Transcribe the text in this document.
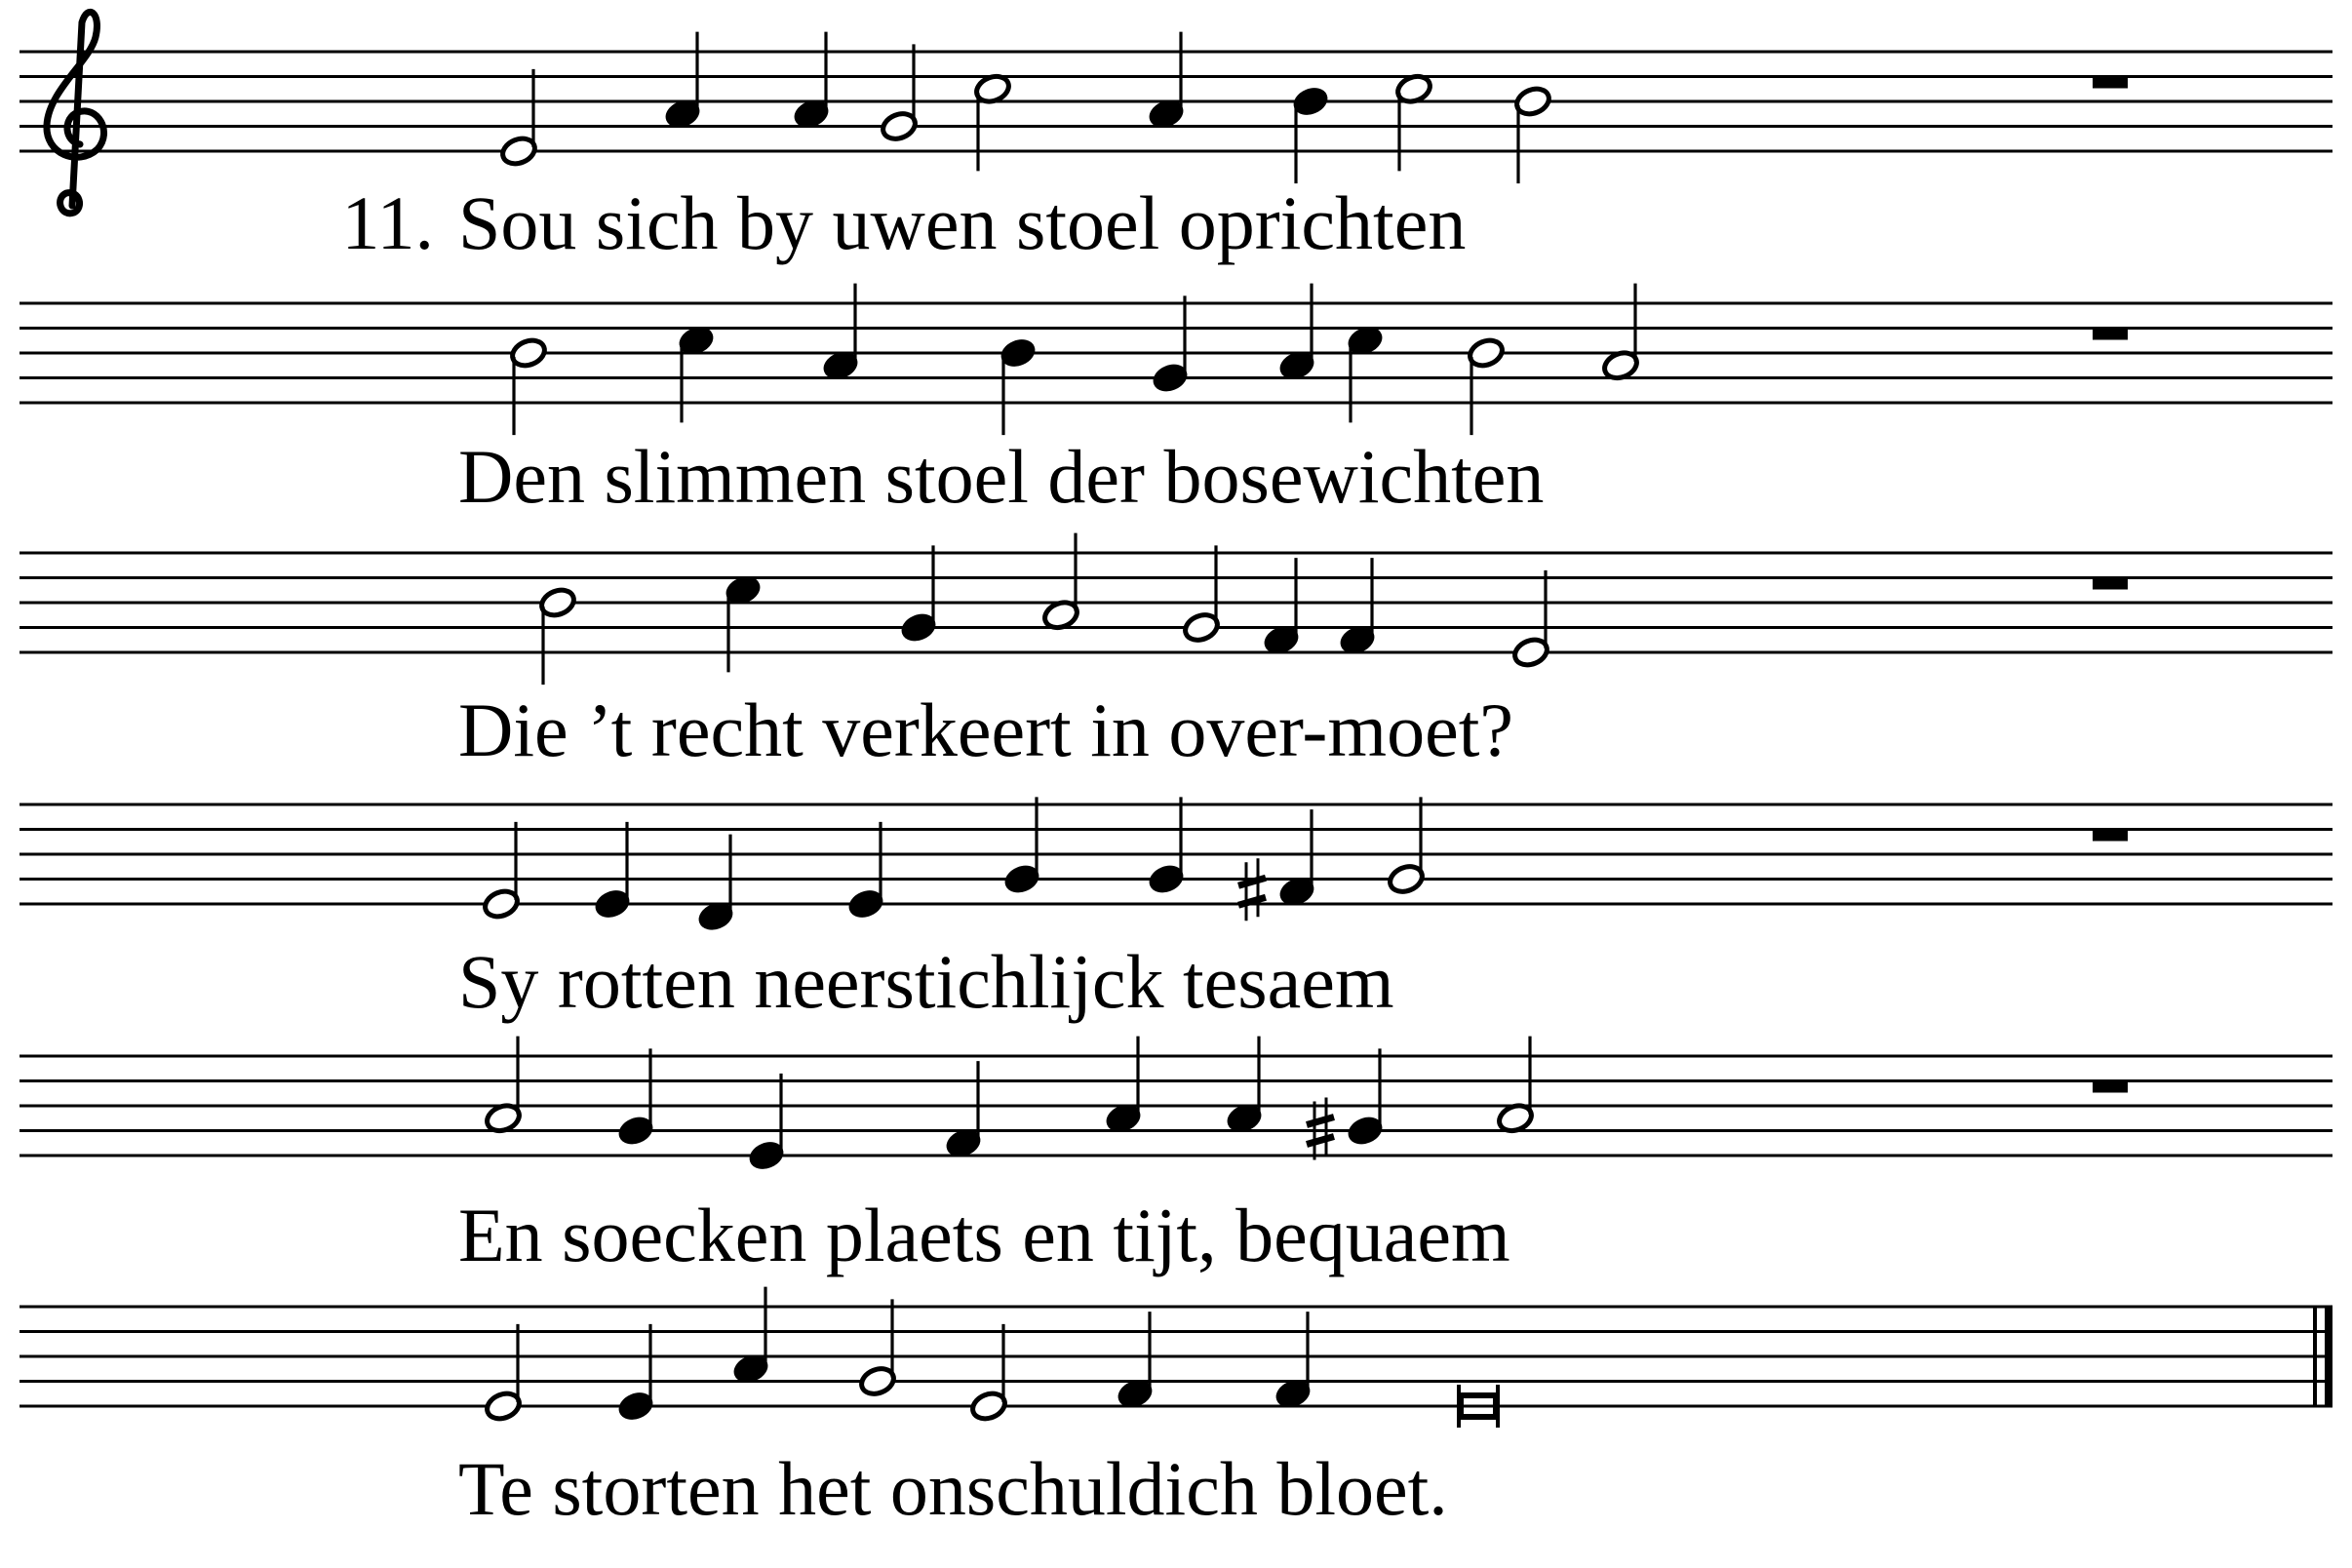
11. Sou sich by uwen stoel oprichten
Den slimmen stoel der bosewichten
Die ’t recht verkeert in over-moet?
Sy rotten neerstichlijck tesaem
En soecken plaets en tijt, bequaem
Te storten het onschuldich bloet.
